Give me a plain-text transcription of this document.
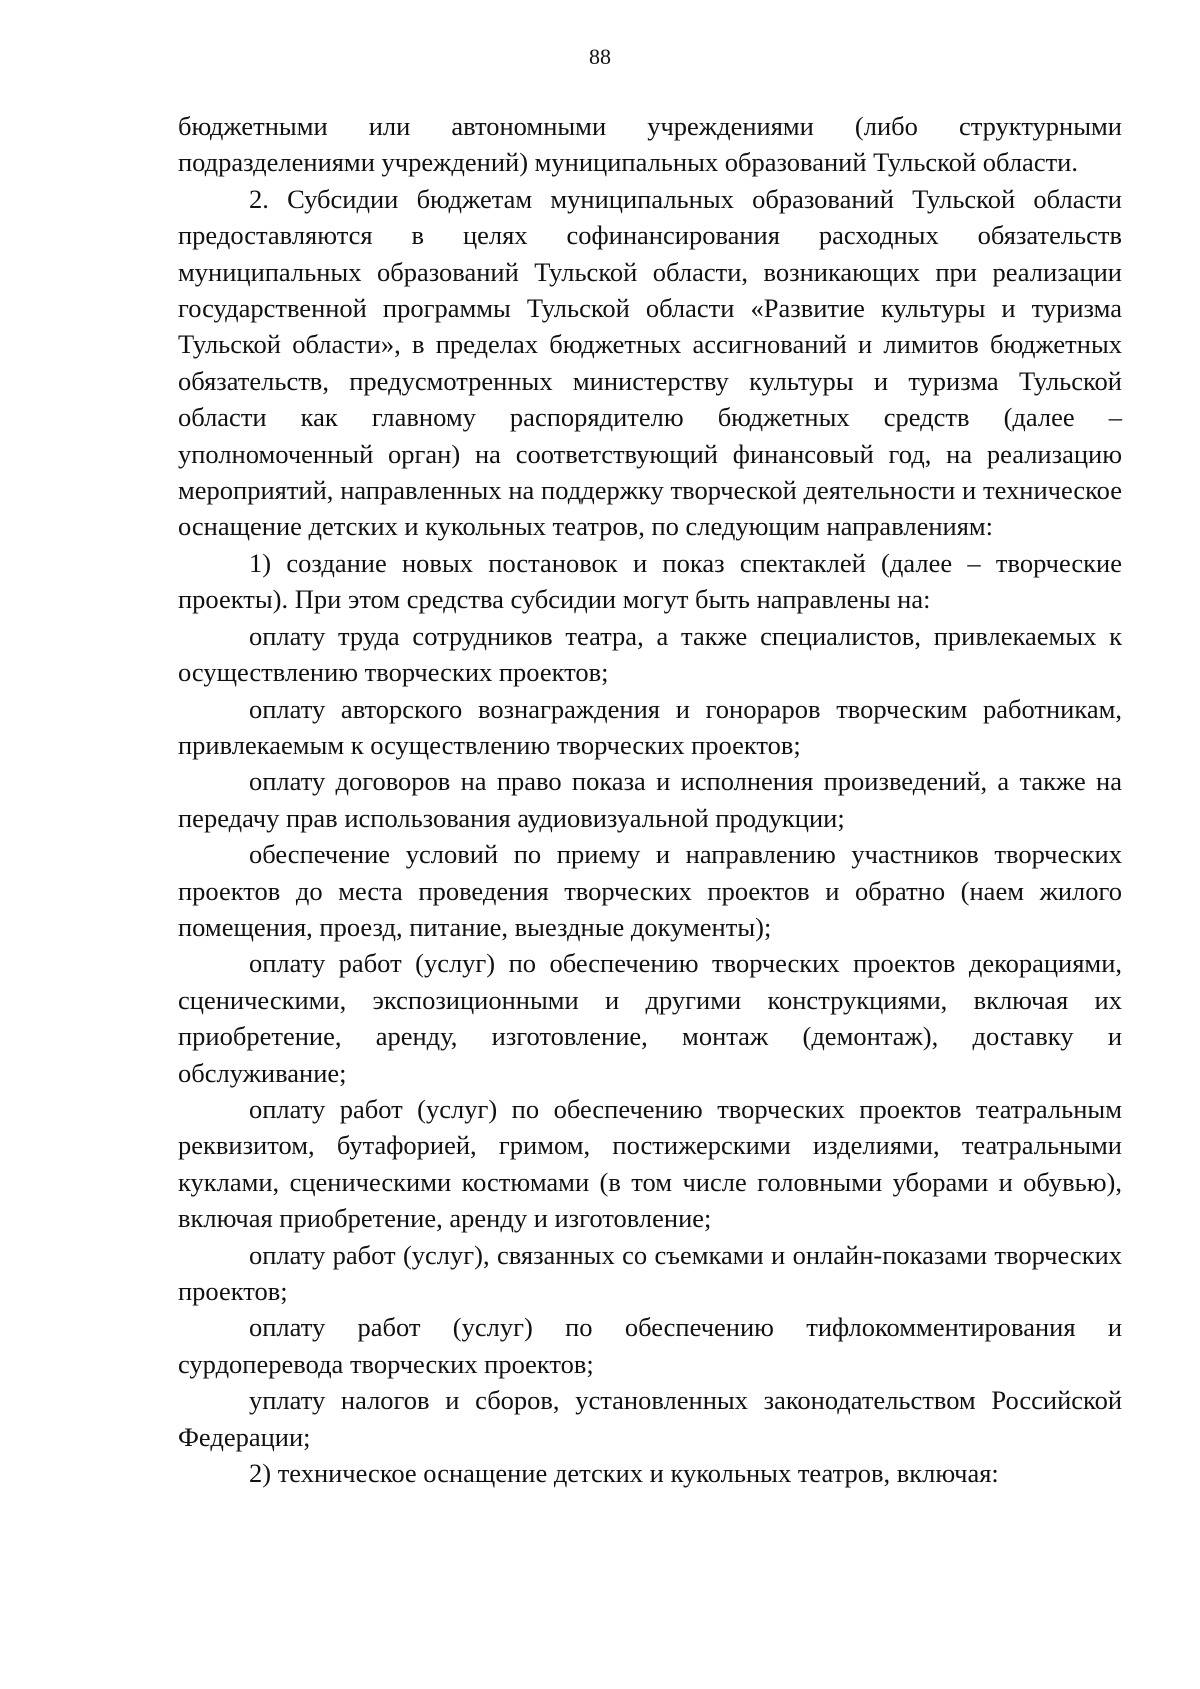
88

бюджетными или автономными учреждениями (либо структурными подразделениями учреждений) муниципальных образований Тульской области.

2. Субсидии бюджетам муниципальных образований Тульской области предоставляются в целях софинансирования расходных обязательств муниципальных образований Тульской области, возникающих при реализации государственной программы Тульской области «Развитие культуры и туризма Тульской области», в пределах бюджетных ассигнований и лимитов бюджетных обязательств, предусмотренных министерству культуры и туризма Тульской области как главному распорядителю бюджетных средств (далее – уполномоченный орган) на соответствующий финансовый год, на реализацию мероприятий, направленных на поддержку творческой деятельности и техническое оснащение детских и кукольных театров, по следующим направлениям:

1) создание новых постановок и показ спектаклей (далее – творческие проекты). При этом средства субсидии могут быть направлены на:

оплату труда сотрудников театра, а также специалистов, привлекаемых к осуществлению творческих проектов;

оплату авторского вознаграждения и гонораров творческим работникам, привлекаемым к осуществлению творческих проектов;

оплату договоров на право показа и исполнения произведений, а также на передачу прав использования аудиовизуальной продукции;

обеспечение условий по приему и направлению участников творческих проектов до места проведения творческих проектов и обратно (наем жилого помещения, проезд, питание, выездные документы);

оплату работ (услуг) по обеспечению творческих проектов декорациями, сценическими, экспозиционными и другими конструкциями, включая их приобретение, аренду, изготовление, монтаж (демонтаж), доставку и обслуживание;

оплату работ (услуг) по обеспечению творческих проектов театральным реквизитом, бутафорией, гримом, постижерскими изделиями, театральными куклами, сценическими костюмами (в том числе головными уборами и обувью), включая приобретение, аренду и изготовление;

оплату работ (услуг), связанных со съемками и онлайн-показами творческих проектов;

оплату работ (услуг) по обеспечению тифлокомментирования и сурдоперевода творческих проектов;

уплату налогов и сборов, установленных законодательством Российской Федерации;

2) техническое оснащение детских и кукольных театров, включая:
